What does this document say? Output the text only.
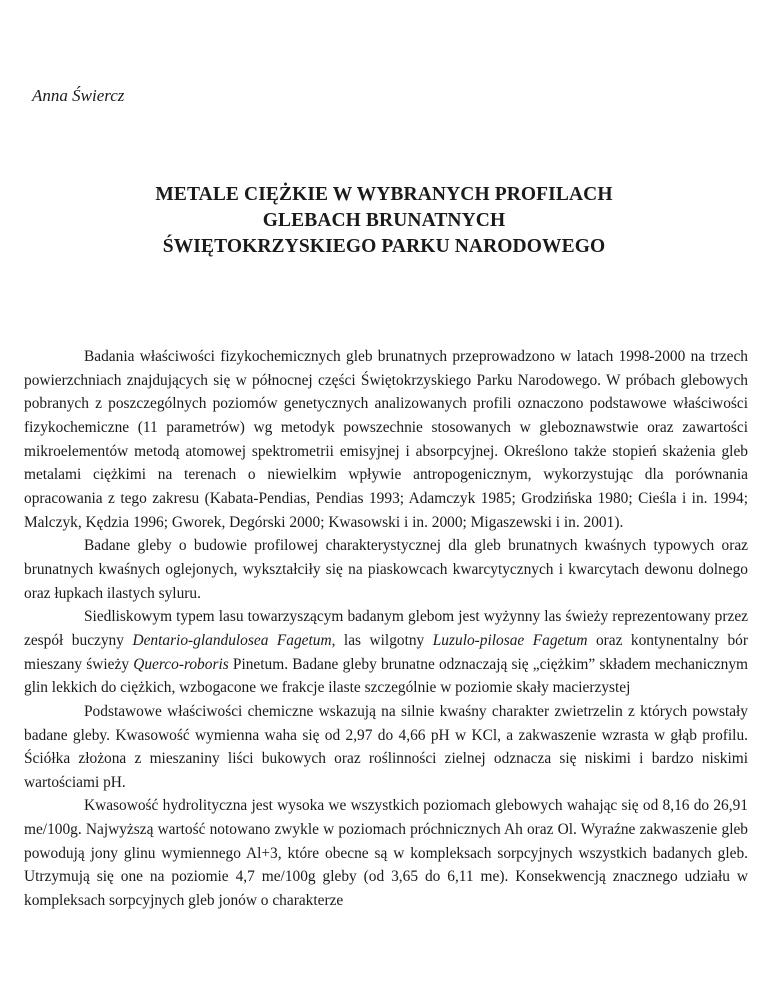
Anna Świercz
METALE CIĘŻKIE W WYBRANYCH PROFILACH
GLEBACH BRUNATNYCH
ŚWIĘTOKRZYSKIEGO PARKU NARODOWEGO

Badania właściwości fizykochemicznych gleb brunatnych przeprowadzono w latach 1998-2000 na trzech powierzchniach znajdujących się w północnej części Świętokrzyskiego Parku Narodowego. W próbach glebowych pobranych z poszczególnych poziomów genetycznych analizowanych profili oznaczono podstawowe właściwości fizykochemiczne (11 parametrów) wg metodyk powszechnie stosowanych w gleboznawstwie oraz zawartości mikroelementów metodą atomowej spektrometrii emisyjnej i absorpcyjnej. Określono także stopień skażenia gleb metalami ciężkimi na terenach o niewielkim wpływie antropogenicznym, wykorzystując dla porównania opracowania z tego zakresu (Kabata-Pendias, Pendias 1993; Adamczyk 1985; Grodzińska 1980; Cieśla i in. 1994; Malczyk, Kędzia 1996; Gworek, Degórski 2000; Kwasowski i in. 2000; Migaszewski i in. 2001).

Badane gleby o budowie profilowej charakterystycznej dla gleb brunatnych kwaśnych typowych oraz brunatnych kwaśnych oglejonych, wykształciły się na piaskowcach kwarcytycznych i kwarcytach dewonu dolnego oraz łupkach ilastych syluru.

Siedliskowym typem lasu towarzyszącym badanym glebom jest wyżynny las świeży reprezentowany przez zespół buczyny Dentario-glandulosea Fagetum, las wilgotny Luzulo-pilosae Fagetum oraz kontynentalny bór mieszany świeży Querco-roboris Pinetum. Badane gleby brunatne odznaczają się „ciężkim” składem mechanicznym glin lekkich do ciężkich, wzbogacone we frakcje ilaste szczególnie w poziomie skały macierzystej

Podstawowe właściwości chemiczne wskazują na silnie kwaśny charakter zwietrzelin z których powstały badane gleby. Kwasowość wymienna waha się od 2,97 do 4,66 pH w KCl, a zakwaszenie wzrasta w głąb profilu. Ściółka złożona z mieszaniny liści bukowych oraz roślinności zielnej odznacza się niskimi i bardzo niskimi wartościami pH.

Kwasowość hydrolityczna jest wysoka we wszystkich poziomach glebowych wahając się od 8,16 do 26,91 me/100g. Najwyższą wartość notowano zwykle w poziomach próchnicznych Ah oraz Ol. Wyraźne zakwaszenie gleb powodują jony glinu wymiennego Al+3, które obecne są w kompleksach sorpcyjnych wszystkich badanych gleb. Utrzymują się one na poziomie 4,7 me/100g gleby (od 3,65 do 6,11 me). Konsekwencją znacznego udziału w kompleksach sorpcyjnych gleb jonów o charakterze
